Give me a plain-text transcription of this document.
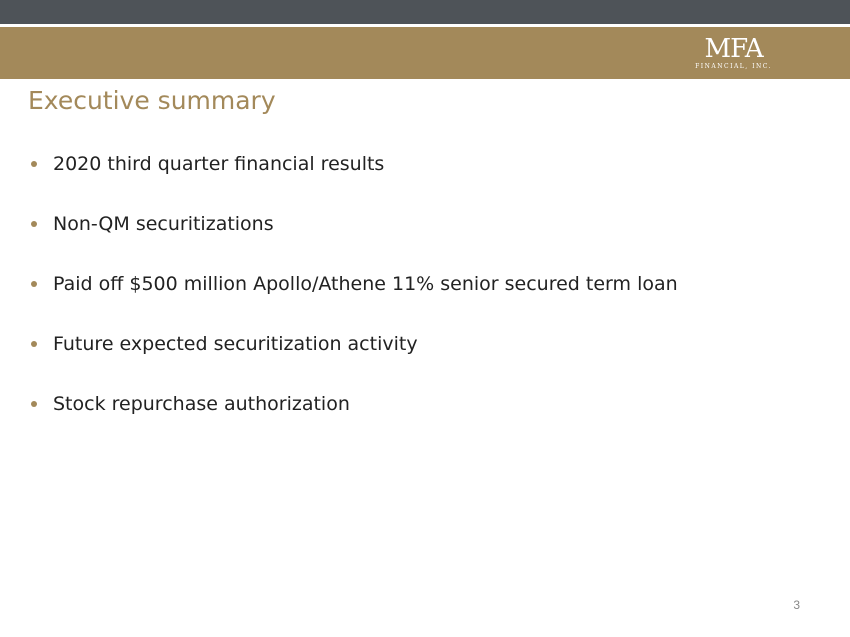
MFA
FINANCIAL, INC.
Executive summary
2020 third quarter financial results
Non-QM securitizations
Paid off $500 million Apollo/Athene 11% senior secured term loan
Future expected securitization activity
Stock repurchase authorization
3
